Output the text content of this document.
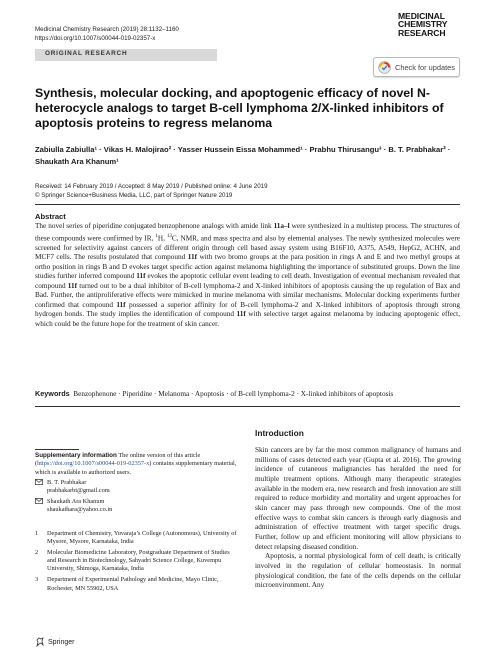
Medicinal Chemistry Research (2019) 28:1132–1160
https://doi.org/10.1007/s00044-019-02357-x
MEDICINAL
CHEMISTRY
RESEARCH
ORIGINAL RESEARCH
Check for updates
Synthesis, molecular docking, and apoptogenic efficacy of novel N-heterocycle analogs to target B-cell lymphoma 2/X-linked inhibitors of apoptosis proteins to regress melanoma
Zabiulla Zabiulla¹ · Vikas H. Malojirao² · Yasser Hussein Eissa Mohammed¹ · Prabhu Thirusangu³ · B. T. Prabhakar² ·
Shaukath Ara Khanum¹
Received: 14 February 2019 / Accepted: 8 May 2019 / Published online: 4 June 2019
© Springer Science+Business Media, LLC, part of Springer Nature 2019
Abstract
The novel series of piperidine conjugated benzophenone analogs with amide link 11a–l were synthesized in a multistep process. The structures of these compounds were confirmed by IR, $^1$H, $^{13}$C, NMR, and mass spectra and also by elemental analyses. The newly synthesized molecules were screened for selectivity against cancers of different origin through cell based assay system using B16F10, A375, A549, HepG2, ACHN, and MCF7 cells. The results postulated that compound 11f with two bromo groups at the para position in rings A and E and two methyl groups at ortho position in rings B and D evokes target specific action against melanoma highlighting the importance of substituted groups. Down the line studies further inferred compound 11f evokes the apoptotic cellular event leading to cell death. Investigation of eventual mechanism revealed that compound 11f turned out to be a dual inhibitor of B-cell lymphoma-2 and X-linked inhibitors of apoptosis causing the up regulation of Bax and Bad. Further, the antiproliferative effects were mimicked in murine melanoma with similar mechanisms. Molecular docking experiments further confirmed that compound 11f possessed a superior affinity for of B-cell lymphoma-2 and X-linked inhibitors of apoptosis through strong hydrogen bonds. The study implies the identification of compound 11f with selective target against melanoma by inducing apoptogenic effect, which could be the future hope for the treatment of skin cancer.
Keywords Benzophenone · Piperidine · Melanoma · Apoptosis · of B-cell lymphoma-2 · X-linked inhibitors of apoptosis
Supplementary information The online version of this article (https://doi.org/10.1007/s00044-019-02357-x) contains supplementary material, which is available to authorized users.
B. T. Prabhakar
prabhakarbt@gmail.com
Shaukath Ara Khanum
shaukathara@yahoo.co.in
1	Department of Chemistry, Yuvaraja’s College (Autonomous), University of Mysore, Mysore, Karnataka, India
2	Molecular Biomedicine Laboratory, Postgraduate Department of Studies and Research in Biotechnology, Sahyadri Science College, Kuvempu University, Shimoga, Karnataka, India
3	Department of Experimental Pathology and Medicine, Mayo Clinic, Rochester, MN 55902, USA
Introduction

Skin cancers are by far the most common malignancy of humans and millions of cases detected each year (Gupta et al. 2016). The growing incidence of cutaneous malignancies has heralded the need for multiple treatment options. Although many therapeutic strategies available in the modern era, new research and fresh innovation are still required to reduce morbidity and mortality and urgent approaches for skin cancer may pass through new compounds. One of the most effective ways to combat skin cancers is through early diagnosis and administration of effective treatment with target specific drugs. Further, follow up and efficient monitoring will allow physicians to detect relapsing diseased condition.

Apoptosis, a normal physiological form of cell death, is critically involved in the regulation of cellular homeostasis. In normal physiological condition, the fate of the cells depends on the cellular microenvironment. Any

Springer
